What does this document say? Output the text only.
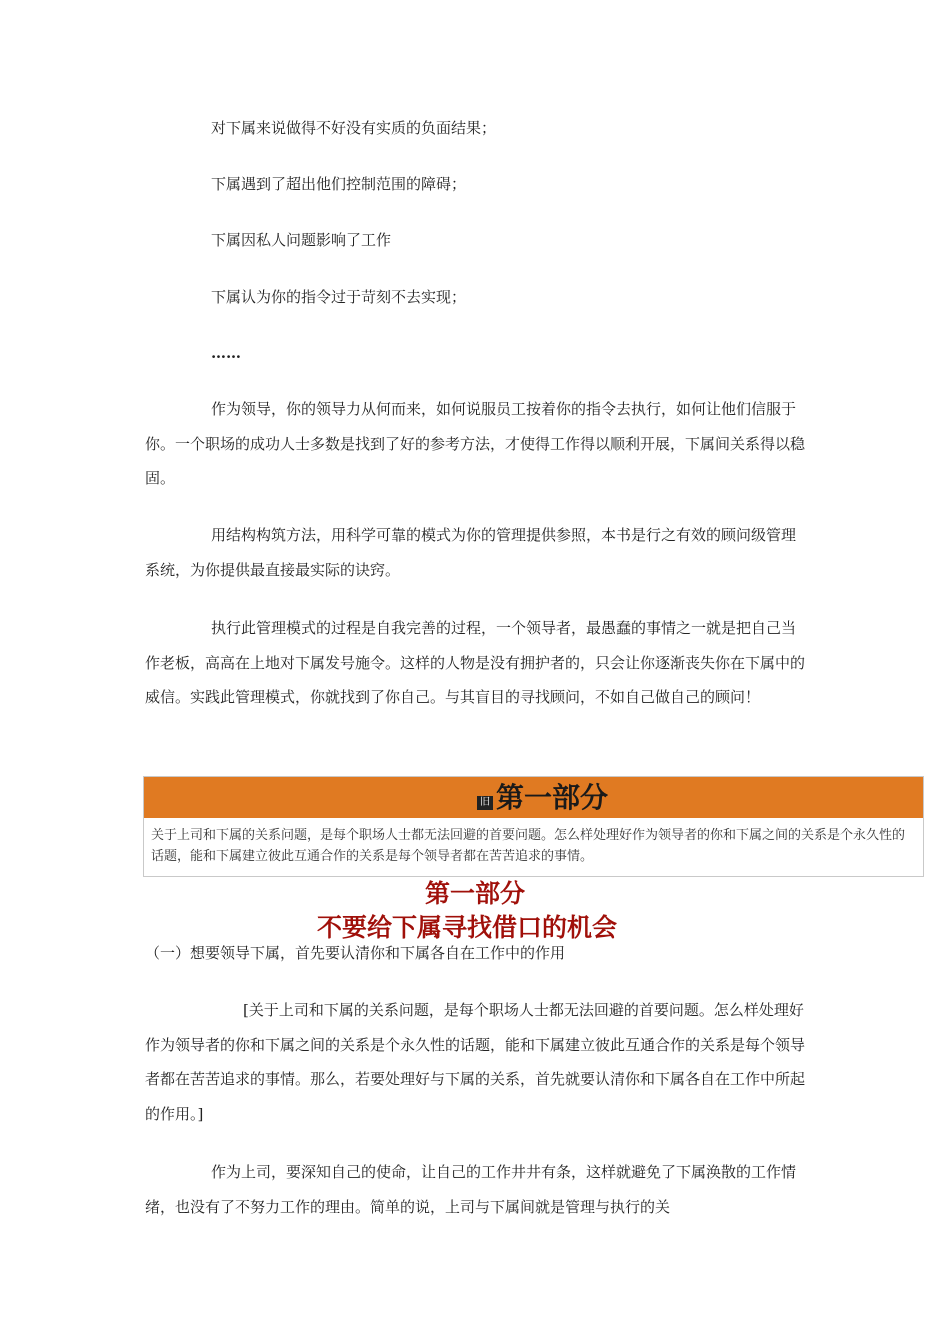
对下属来说做得不好没有实质的负面结果；
下属遇到了超出他们控制范围的障碍；
下属因私人问题影响了工作
下属认为你的指令过于苛刻不去实现；
……
作为领导，你的领导力从何而来，如何说服员工按着你的指令去执行，如何让他们信服于你。一个职场的成功人士多数是找到了好的参考方法，才使得工作得以顺利开展，下属间关系得以稳固。
用结构构筑方法，用科学可靠的模式为你的管理提供参照，本书是行之有效的顾问级管理系统，为你提供最直接最实际的诀窍。
执行此管理模式的过程是自我完善的过程，一个领导者，最愚蠢的事情之一就是把自己当作老板，高高在上地对下属发号施令。这样的人物是没有拥护者的，只会让你逐渐丧失你在下属中的威信。实践此管理模式，你就找到了你自己。与其盲目的寻找顾问，不如自己做自己的顾问！
旧 第一部分
关于上司和下属的关系问题，是每个职场人士都无法回避的首要问题。怎么样处理好作为领导者的你和下属之间的关系是个永久性的话题，能和下属建立彼此互通合作的关系是每个领导者都在苦苦追求的事情。
第一部分
不要给下属寻找借口的机会
（一）想要领导下属，首先要认清你和下属各自在工作中的作用
[关于上司和下属的关系问题，是每个职场人士都无法回避的首要问题。怎么样处理好作为领导者的你和下属之间的关系是个永久性的话题，能和下属建立彼此互通合作的关系是每个领导者都在苦苦追求的事情。那么，若要处理好与下属的关系，首先就要认清你和下属各自在工作中所起的作用。]
作为上司，要深知自己的使命，让自己的工作井井有条，这样就避免了下属涣散的工作情绪，也没有了不努力工作的理由。简单的说，上司与下属间就是管理与执行的关
